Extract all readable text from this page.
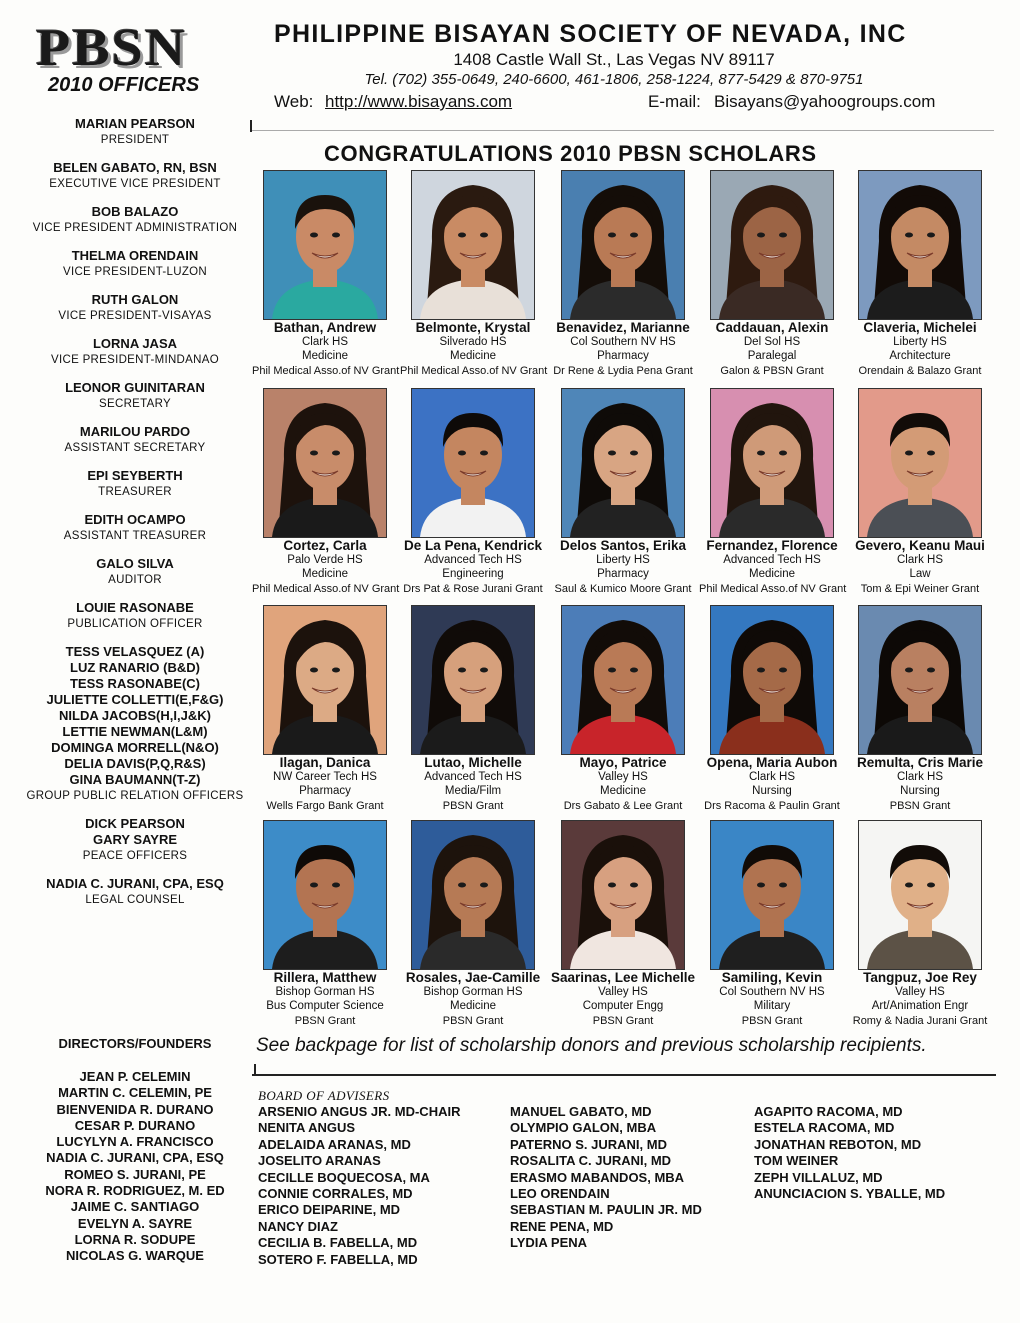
PBSN
2010 OFFICERS
PHILIPPINE BISAYAN SOCIETY OF NEVADA, INC
1408 Castle Wall St., Las Vegas NV 89117
Tel. (702) 355-0649, 240-6600, 461-1806, 258-1224, 877-5429 & 870-9751
Web: http://www.bisayans.com	E-mail: Bisayans@yahoogroups.com
MARIAN PEARSON
PRESIDENT
BELEN GABATO, RN, BSN
EXECUTIVE VICE PRESIDENT
BOB BALAZO
VICE PRESIDENT ADMINISTRATION
THELMA ORENDAIN
VICE PRESIDENT-LUZON
RUTH GALON
VICE PRESIDENT-VISAYAS
LORNA JASA
VICE PRESIDENT-MINDANAO
LEONOR GUINITARAN
SECRETARY
MARILOU PARDO
ASSISTANT SECRETARY
EPI SEYBERTH
TREASURER
EDITH OCAMPO
ASSISTANT TREASURER
GALO SILVA
AUDITOR
LOUIE RASONABE
PUBLICATION OFFICER
TESS VELASQUEZ (A)
LUZ RANARIO (B&D)
TESS RASONABE(C)
JULIETTE COLLETTI(E,F&G)
NILDA JACOBS(H,I,J&K)
LETTIE NEWMAN(L&M)
DOMINGA MORRELL(N&O)
DELIA DAVIS(P,Q,R&S)
GINA BAUMANN(T-Z)
GROUP PUBLIC RELATION OFFICERS
DICK PEARSON
GARY SAYRE
PEACE OFFICERS
NADIA C. JURANI, CPA, ESQ
LEGAL COUNSEL
DIRECTORS/FOUNDERS
JEAN P. CELEMIN
MARTIN C. CELEMIN, PE
BIENVENIDA R. DURANO
CESAR P. DURANO
LUCYLYN A. FRANCISCO
NADIA C. JURANI, CPA, ESQ
ROMEO S. JURANI, PE
NORA R. RODRIGUEZ, M. ED
JAIME C. SANTIAGO
EVELYN A. SAYRE
LORNA R. SODUPE
NICOLAS G. WARQUE
CONGRATULATIONS 2010 PBSN SCHOLARS
Bathan, Andrew
Clark HS
Medicine
Phil Medical Asso.of NV Grant
Belmonte, Krystal
Silverado HS
Medicine
Phil Medical Asso.of NV Grant
Benavidez, Marianne
Col Southern NV HS
Pharmacy
Dr Rene & Lydia Pena Grant
Caddauan, Alexin
Del Sol HS
Paralegal
Galon & PBSN Grant
Claveria, Michelei
Liberty HS
Architecture
Orendain & Balazo Grant
Cortez, Carla
Palo Verde HS
Medicine
Phil Medical Asso.of NV Grant
De La Pena, Kendrick
Advanced Tech HS
Engineering
Drs Pat & Rose Jurani Grant
Delos Santos, Erika
Liberty HS
Pharmacy
Saul & Kumico Moore Grant
Fernandez, Florence
Advanced Tech HS
Medicine
Phil Medical Asso.of NV Grant
Gevero, Keanu Maui
Clark HS
Law
Tom & Epi Weiner Grant
Ilagan, Danica
NW Career Tech HS
Pharmacy
Wells Fargo Bank Grant
Lutao, Michelle
Advanced Tech HS
Media/Film
PBSN Grant
Mayo, Patrice
Valley HS
Medicine
Drs Gabato & Lee Grant
Opena, Maria Aubon
Clark HS
Nursing
Drs Racoma & Paulin Grant
Remulta, Cris Marie
Clark HS
Nursing
PBSN Grant
Rillera, Matthew
Bishop Gorman HS
Bus Computer Science
PBSN Grant
Rosales, Jae-Camille
Bishop Gorman HS
Medicine
PBSN Grant
Saarinas, Lee Michelle
Valley HS
Computer Engg
PBSN Grant
Samiling, Kevin
Col Southern NV HS
Military
PBSN Grant
Tangpuz, Joe Rey
Valley HS
Art/Animation Engr
Romy & Nadia Jurani Grant
See backpage for list of scholarship donors and previous scholarship recipients.
BOARD OF ADVISERS
ARSENIO ANGUS JR. MD-CHAIR
NENITA ANGUS
ADELAIDA ARANAS, MD
JOSELITO ARANAS
CECILLE BOQUECOSA, MA
CONNIE CORRALES, MD
ERICO DEIPARINE, MD
NANCY DIAZ
CECILIA B. FABELLA, MD
SOTERO F. FABELLA, MD
MANUEL GABATO, MD
OLYMPIO GALON, MBA
PATERNO S. JURANI, MD
ROSALITA C. JURANI, MD
ERASMO MABANDOS, MBA
LEO ORENDAIN
SEBASTIAN M. PAULIN JR. MD
RENE PENA, MD
LYDIA PENA
AGAPITO RACOMA, MD
ESTELA RACOMA, MD
JONATHAN REBOTON, MD
TOM WEINER
ZEPH VILLALUZ, MD
ANUNCIACION S. YBALLE, MD
